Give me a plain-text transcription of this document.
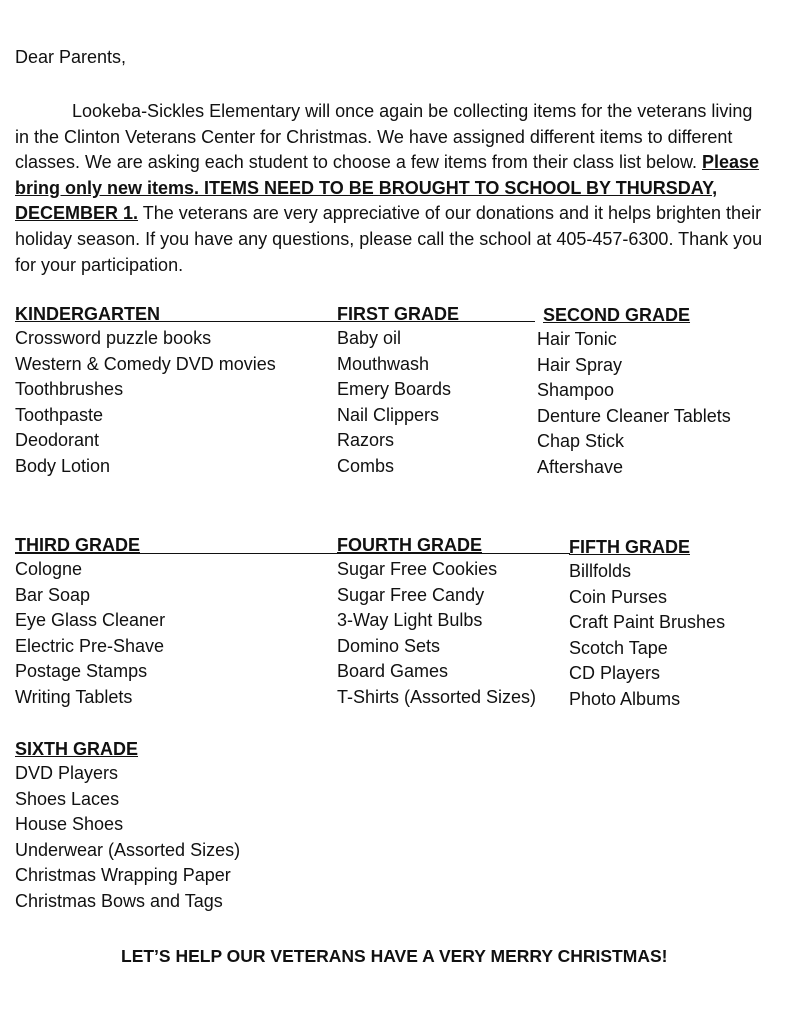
Dear Parents,

Lookeba-Sickles Elementary will once again be collecting items for the veterans living in the Clinton Veterans Center for Christmas. We have assigned different items to different classes. We are asking each student to choose a few items from their class list below. Please bring only new items. ITEMS NEED TO BE BROUGHT TO SCHOOL BY THURSDAY, DECEMBER 1. The veterans are very appreciative of our donations and it helps brighten their holiday season. If you have any questions, please call the school at 405-457-6300. Thank you for your participation.

KINDERGARTEN
Crossword puzzle books
Western & Comedy DVD movies
Toothbrushes
Toothpaste
Deodorant
Body Lotion
FIRST GRADE
Baby oil
Mouthwash
Emery Boards
Nail Clippers
Razors
Combs
SECOND GRADE
Hair Tonic
Hair Spray
Shampoo
Denture Cleaner Tablets
Chap Stick
Aftershave
THIRD GRADE
Cologne
Bar Soap
Eye Glass Cleaner
Electric Pre-Shave
Postage Stamps
Writing Tablets
FOURTH GRADE
Sugar Free Cookies
Sugar Free Candy
3-Way Light Bulbs
Domino Sets
Board Games
T-Shirts (Assorted Sizes)
FIFTH GRADE
Billfolds
Coin Purses
Craft Paint Brushes
Scotch Tape
CD Players
Photo Albums
SIXTH GRADE
DVD Players
Shoes Laces
House Shoes
Underwear (Assorted Sizes)
Christmas Wrapping Paper
Christmas Bows and Tags

LET’S HELP OUR VETERANS HAVE A VERY MERRY CHRISTMAS!
